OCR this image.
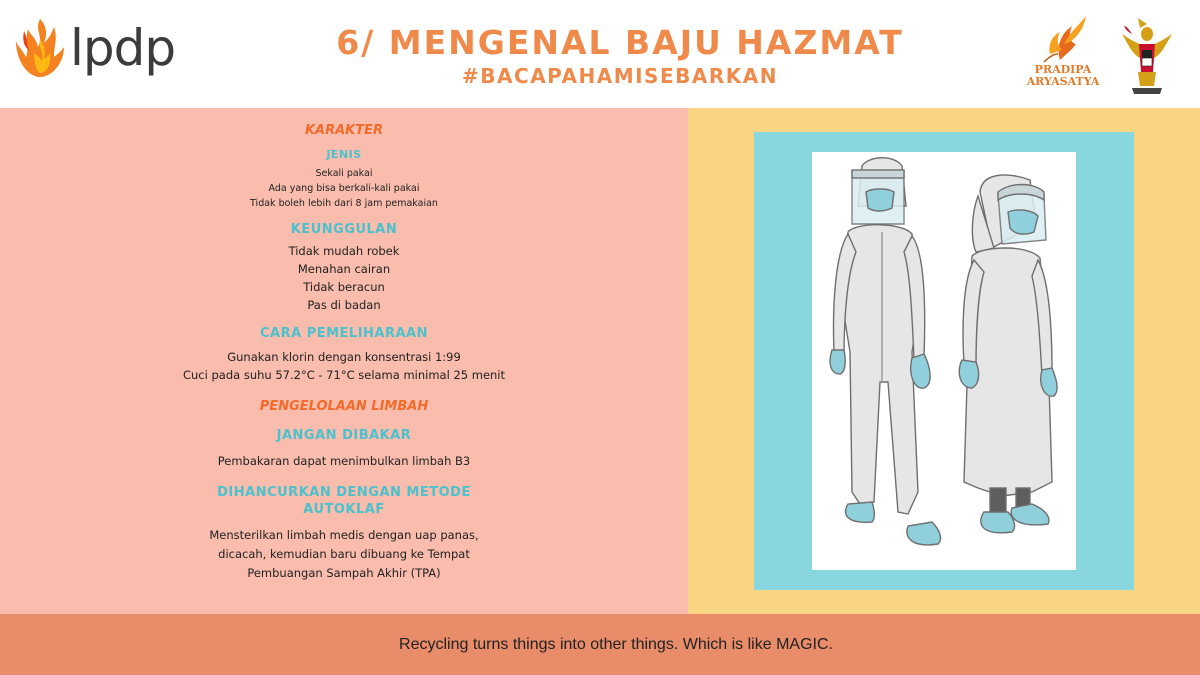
lpdp	6/ MENGENAL BAJU HAZMAT
#BACAPAHAMISEBARKAN	PRADIPA ARYASATYA

KARAKTER

JENIS

Sekali pakai

Ada yang bisa berkali-kali pakai

Tidak boleh lebih dari 8 jam pemakaian

KEUNGGULAN

Tidak mudah robek

Menahan cairan

Tidak beracun

Pas di badan

CARA PEMELIHARAAN

Gunakan klorin dengan konsentrasi 1:99

Cuci pada suhu 57.2°C - 71°C selama minimal 25 menit

PENGELOLAAN LIMBAH

JANGAN DIBAKAR

Pembakaran dapat menimbulkan limbah B3

DIHANCURKAN DENGAN METODE

AUTOKLAF

Mensterilkan limbah medis dengan uap panas,

dicacah, kemudian baru dibuang ke Tempat

Pembuangan Sampah Akhir (TPA)

Recycling turns things into other things. Which is like MAGIC.
